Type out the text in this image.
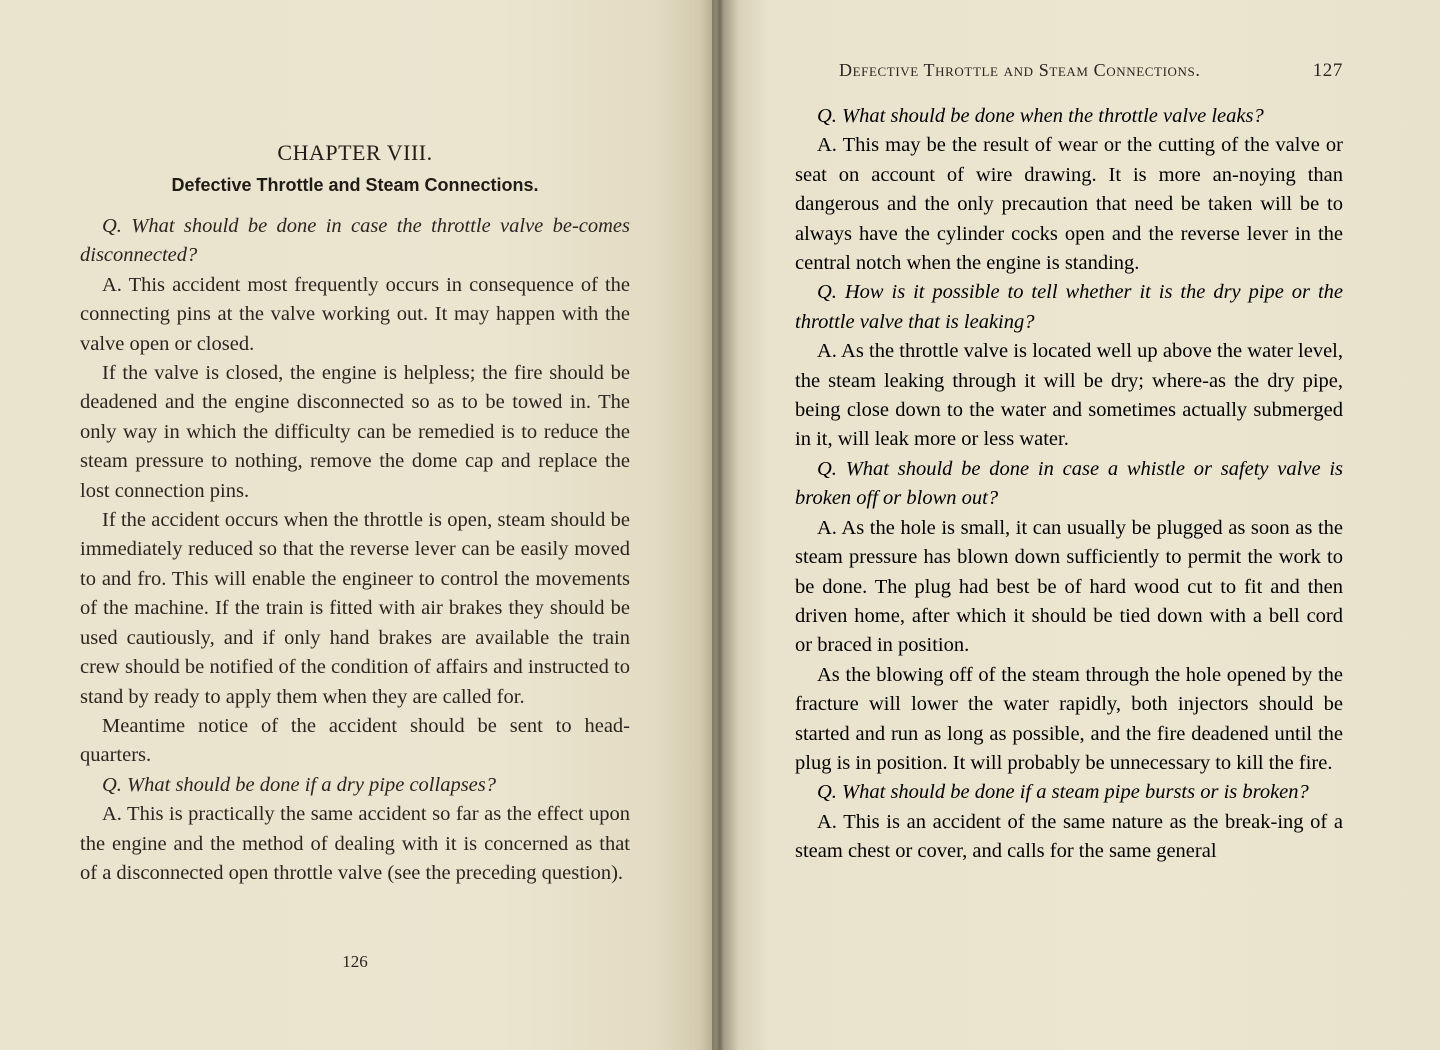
CHAPTER VIII.
Defective Throttle and Steam Connections.

Q. What should be done in case the throttle valve be-comes disconnected?

A. This accident most frequently occurs in consequence of the connecting pins at the valve working out. It may happen with the valve open or closed.

If the valve is closed, the engine is helpless; the fire should be deadened and the engine disconnected so as to be towed in. The only way in which the difficulty can be remedied is to reduce the steam pressure to nothing, remove the dome cap and replace the lost connection pins.

If the accident occurs when the throttle is open, steam should be immediately reduced so that the reverse lever can be easily moved to and fro. This will enable the engineer to control the movements of the machine. If the train is fitted with air brakes they should be used cautiously, and if only hand brakes are available the train crew should be notified of the condition of affairs and instructed to stand by ready to apply them when they are called for.

Meantime notice of the accident should be sent to head-quarters.

Q. What should be done if a dry pipe collapses?

A. This is practically the same accident so far as the effect upon the engine and the method of dealing with it is concerned as that of a disconnected open throttle valve (see the preceding question).

126
Defective Throttle and Steam Connections.	127

Q. What should be done when the throttle valve leaks?

A. This may be the result of wear or the cutting of the valve or seat on account of wire drawing. It is more an-noying than dangerous and the only precaution that need be taken will be to always have the cylinder cocks open and the reverse lever in the central notch when the engine is standing.

Q. How is it possible to tell whether it is the dry pipe or the throttle valve that is leaking?

A. As the throttle valve is located well up above the water level, the steam leaking through it will be dry; where-as the dry pipe, being close down to the water and sometimes actually submerged in it, will leak more or less water.

Q. What should be done in case a whistle or safety valve is broken off or blown out?

A. As the hole is small, it can usually be plugged as soon as the steam pressure has blown down sufficiently to permit the work to be done. The plug had best be of hard wood cut to fit and then driven home, after which it should be tied down with a bell cord or braced in position.

As the blowing off of the steam through the hole opened by the fracture will lower the water rapidly, both injectors should be started and run as long as possible, and the fire deadened until the plug is in position. It will probably be unnecessary to kill the fire.

Q. What should be done if a steam pipe bursts or is broken?

A. This is an accident of the same nature as the break-ing of a steam chest or cover, and calls for the same general
